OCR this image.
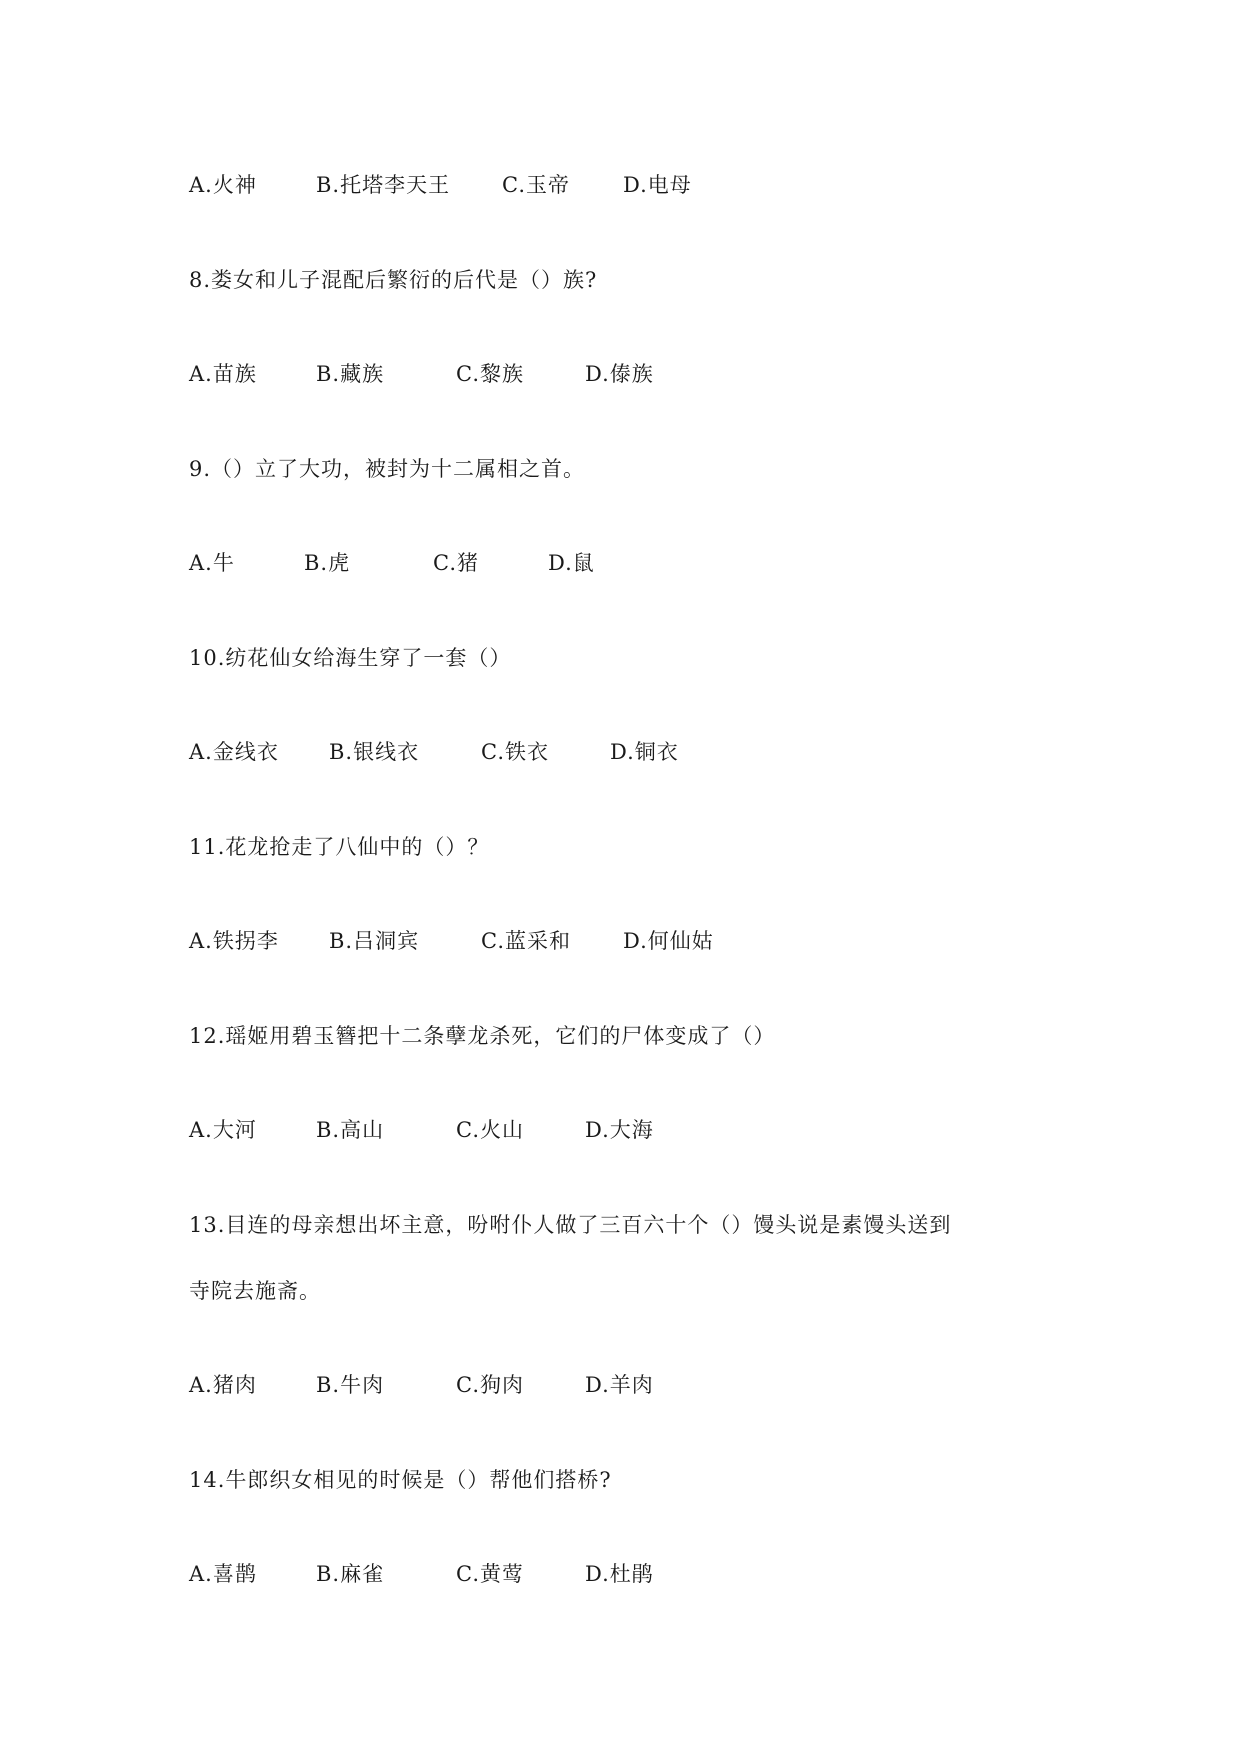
A.火神	B.托塔李天王 C.玉帝	D.电母
8.娄女和儿子混配后繁衍的后代是（）族?
A.苗族	B.藏族	C.黎族	D.傣族
9.（）立了大功，被封为十二属相之首。
A.牛	B.虎	C.猪	D.鼠
10.纺花仙女给海生穿了一套（）
A.金线衣 B.银线衣	C.铁衣	D.铜衣
11.花龙抢走了八仙中的（）？
A.铁拐李 B.吕洞宾	C.蓝采和 D.何仙姑
12.瑶姬用碧玉簪把十二条孽龙杀死，它们的尸体变成了（）
A.大河	B.高山	C.火山	D.大海
13.目连的母亲想出坏主意，吩咐仆人做了三百六十个（）馒头说是素馒头送到
寺院去施斋。
A.猪肉	B.牛肉	C.狗肉	D.羊肉
14.牛郎织女相见的时候是（）帮他们搭桥?
A.喜鹊	B.麻雀	C.黄莺	D.杜鹃
